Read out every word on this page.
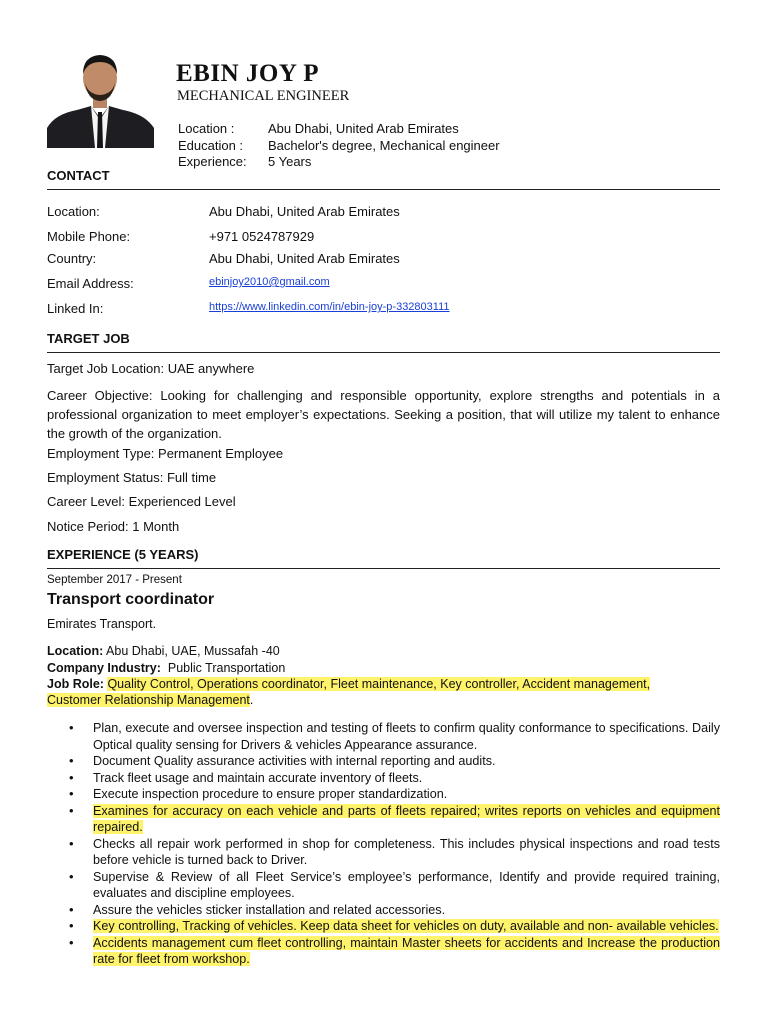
EBIN JOY P
MECHANICAL ENGINEER
Location :	Abu Dhabi, United Arab Emirates
Education :	Bachelor's degree, Mechanical engineer
Experience:	5 Years
CONTACT
Location:	Abu Dhabi, United Arab Emirates
Mobile Phone:	+971 0524787929
Country:	Abu Dhabi, United Arab Emirates
Email Address:	ebinjoy2010@gmail.com
Linked In:	https://www.linkedin.com/in/ebin-joy-p-332803111
TARGET JOB
Target Job Location: UAE anywhere
Career Objective: Looking for challenging and responsible opportunity, explore strengths and potentials in a professional organization to meet employer’s expectations. Seeking a position, that will utilize my talent to enhance the growth of the organization.
Employment Type: Permanent Employee
Employment Status: Full time
Career Level: Experienced Level
Notice Period: 1 Month
EXPERIENCE (5 YEARS)
September 2017 - Present
Transport coordinator
Emirates Transport.
Location: Abu Dhabi, UAE, Mussafah -40
Company Industry: Public Transportation
Job Role: Quality Control, Operations coordinator, Fleet maintenance, Key controller, Accident management, Customer Relationship Management.
• Plan, execute and oversee inspection and testing of fleets to confirm quality conformance to specifications. Daily Optical quality sensing for Drivers & vehicles Appearance assurance.
• Document Quality assurance activities with internal reporting and audits.
• Track fleet usage and maintain accurate inventory of fleets.
• Execute inspection procedure to ensure proper standardization.
• Examines for accuracy on each vehicle and parts of fleets repaired; writes reports on vehicles and equipment repaired.
• Checks all repair work performed in shop for completeness. This includes physical inspections and road tests before vehicle is turned back to Driver.
• Supervise & Review of all Fleet Service’s employee’s performance, Identify and provide required training, evaluates and discipline employees.
• Assure the vehicles sticker installation and related accessories.
• Key controlling, Tracking of vehicles. Keep data sheet for vehicles on duty, available and non- available vehicles.
• Accidents management cum fleet controlling, maintain Master sheets for accidents and Increase the production rate for fleet from workshop.
